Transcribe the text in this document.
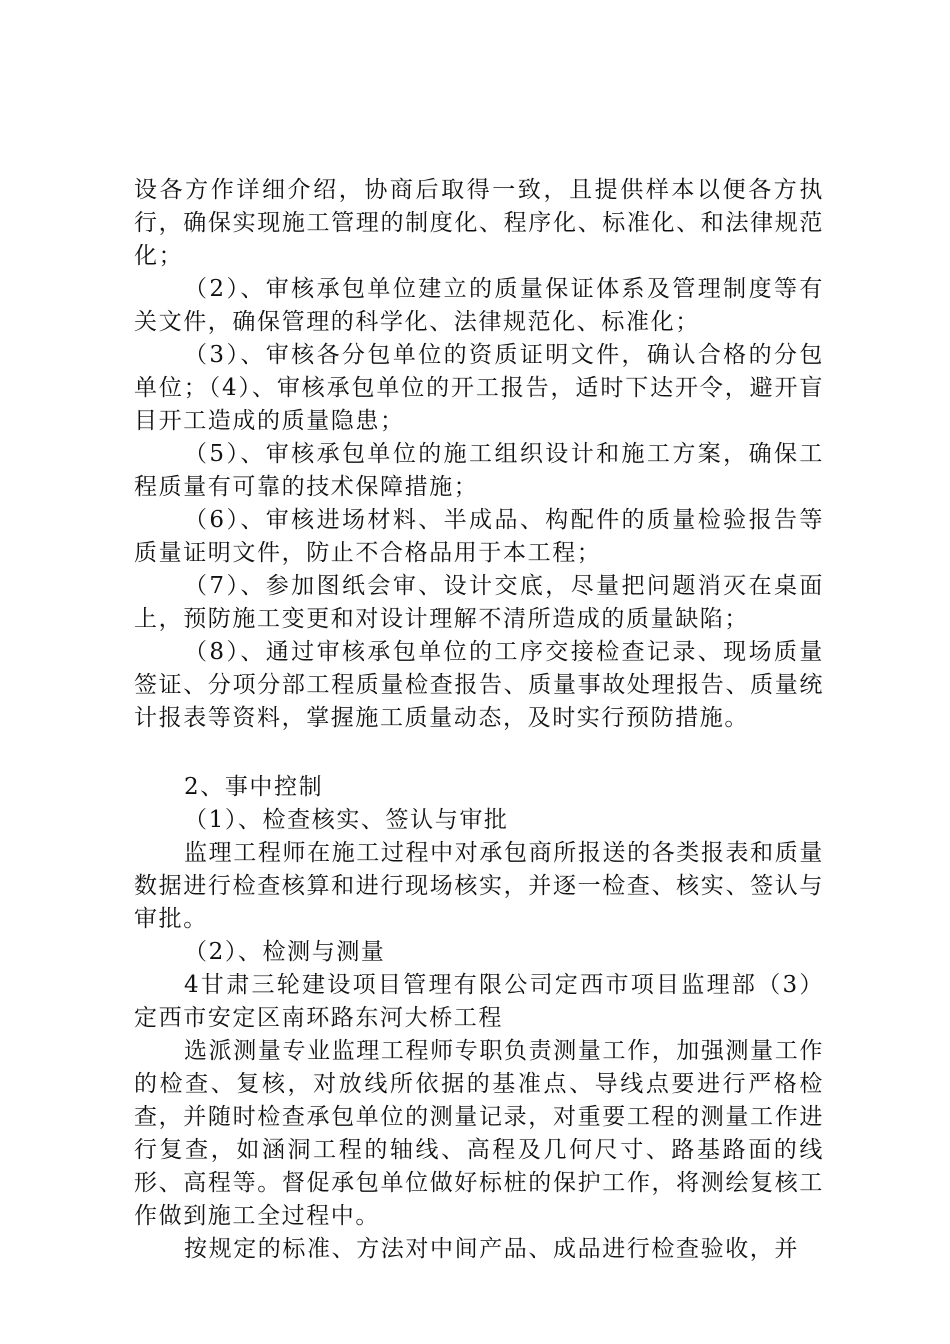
设各方作详细介绍，协商后取得一致，且提供样本以便各方执行，确保实现施工管理的制度化、程序化、标准化、和法律规范化；

（2）、审核承包单位建立的质量保证体系及管理制度等有关文件，确保管理的科学化、法律规范化、标准化；

（3）、审核各分包单位的资质证明文件，确认合格的分包单位；（4）、审核承包单位的开工报告，适时下达开令，避开盲目开工造成的质量隐患；

（5）、审核承包单位的施工组织设计和施工方案，确保工程质量有可靠的技术保障措施；

（6）、审核进场材料、半成品、构配件的质量检验报告等质量证明文件，防止不合格品用于本工程；

（7）、参加图纸会审、设计交底，尽量把问题消灭在桌面上，预防施工变更和对设计理解不清所造成的质量缺陷；

（8）、通过审核承包单位的工序交接检查记录、现场质量签证、分项分部工程质量检查报告、质量事故处理报告、质量统计报表等资料，掌握施工质量动态，及时实行预防措施。

2、事中控制

（1）、检查核实、签认与审批

监理工程师在施工过程中对承包商所报送的各类报表和质量数据进行检查核算和进行现场核实，并逐一检查、核实、签认与审批。

（2）、检测与测量

4甘肃三轮建设项目管理有限公司定西市项目监理部（3）定西市安定区南环路东河大桥工程

选派测量专业监理工程师专职负责测量工作，加强测量工作的检查、复核，对放线所依据的基准点、导线点要进行严格检查，并随时检查承包单位的测量记录，对重要工程的测量工作进行复查，如涵洞工程的轴线、高程及几何尺寸、路基路面的线形、高程等。督促承包单位做好标桩的保护工作，将测绘复核工作做到施工全过程中。

按规定的标准、方法对中间产品、成品进行检查验收，并
